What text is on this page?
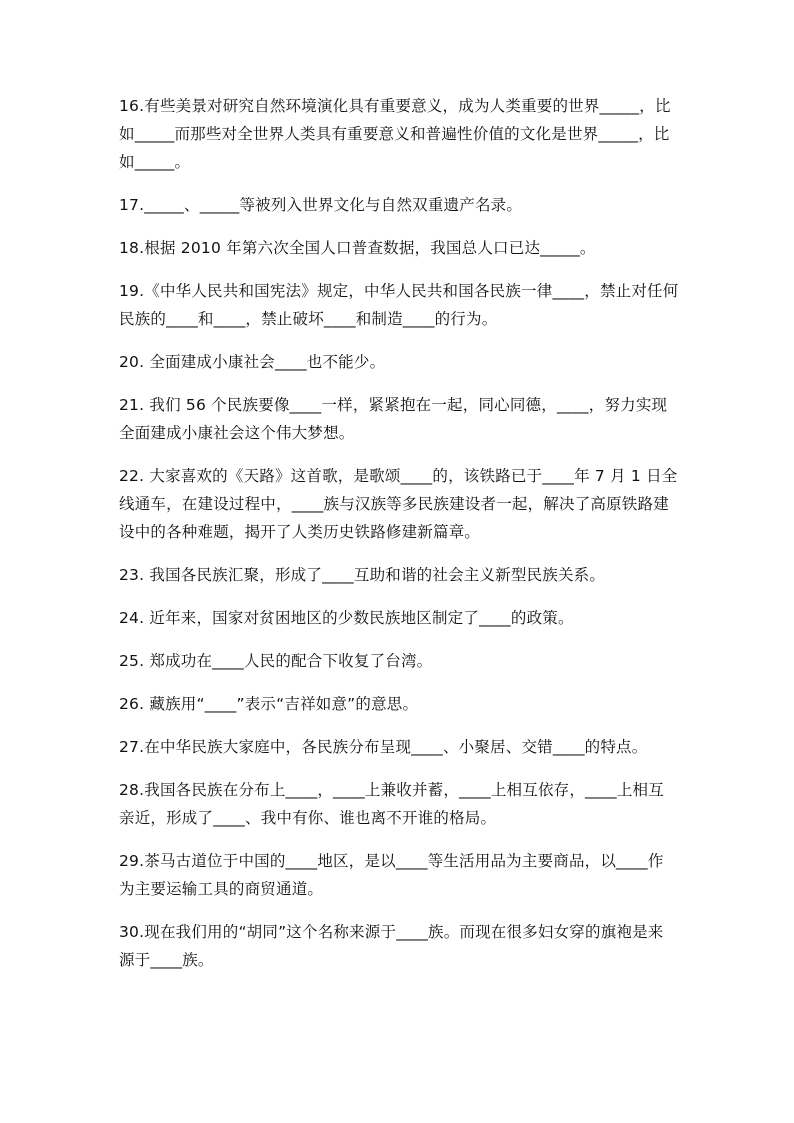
16.有些美景对研究自然环境演化具有重要意义，成为人类重要的世界_____，比如_____而那些对全世界人类具有重要意义和普遍性价值的文化是世界_____，比如_____。

17._____、_____等被列入世界文化与自然双重遗产名录。

18.根据 2010 年第六次全国人口普查数据，我国总人口已达_____。

19.《中华人民共和国宪法》规定，中华人民共和国各民族一律____，禁止对任何民族的____和____，禁止破坏____和制造____的行为。

20. 全面建成小康社会____也不能少。

21. 我们 56 个民族要像____一样，紧紧抱在一起，同心同德，____，努力实现全面建成小康社会这个伟大梦想。

22. 大家喜欢的《天路》这首歌，是歌颂____的，该铁路已于____年 7 月 1 日全线通车，在建设过程中，____族与汉族等多民族建设者一起，解决了高原铁路建设中的各种难题，揭开了人类历史铁路修建新篇章。

23. 我国各民族汇聚，形成了____互助和谐的社会主义新型民族关系。

24. 近年来，国家对贫困地区的少数民族地区制定了____的政策。

25. 郑成功在____人民的配合下收复了台湾。

26. 藏族用“____”表示“吉祥如意”的意思。

27.在中华民族大家庭中，各民族分布呈现____、小聚居、交错____的特点。

28.我国各民族在分布上____，____上兼收并蓄，____上相互依存，____上相互亲近，形成了____、我中有你、谁也离不开谁的格局。

29.茶马古道位于中国的____地区，是以____等生活用品为主要商品，以____作为主要运输工具的商贸通道。

30.现在我们用的“胡同”这个名称来源于____族。而现在很多妇女穿的旗袍是来源于____族。
